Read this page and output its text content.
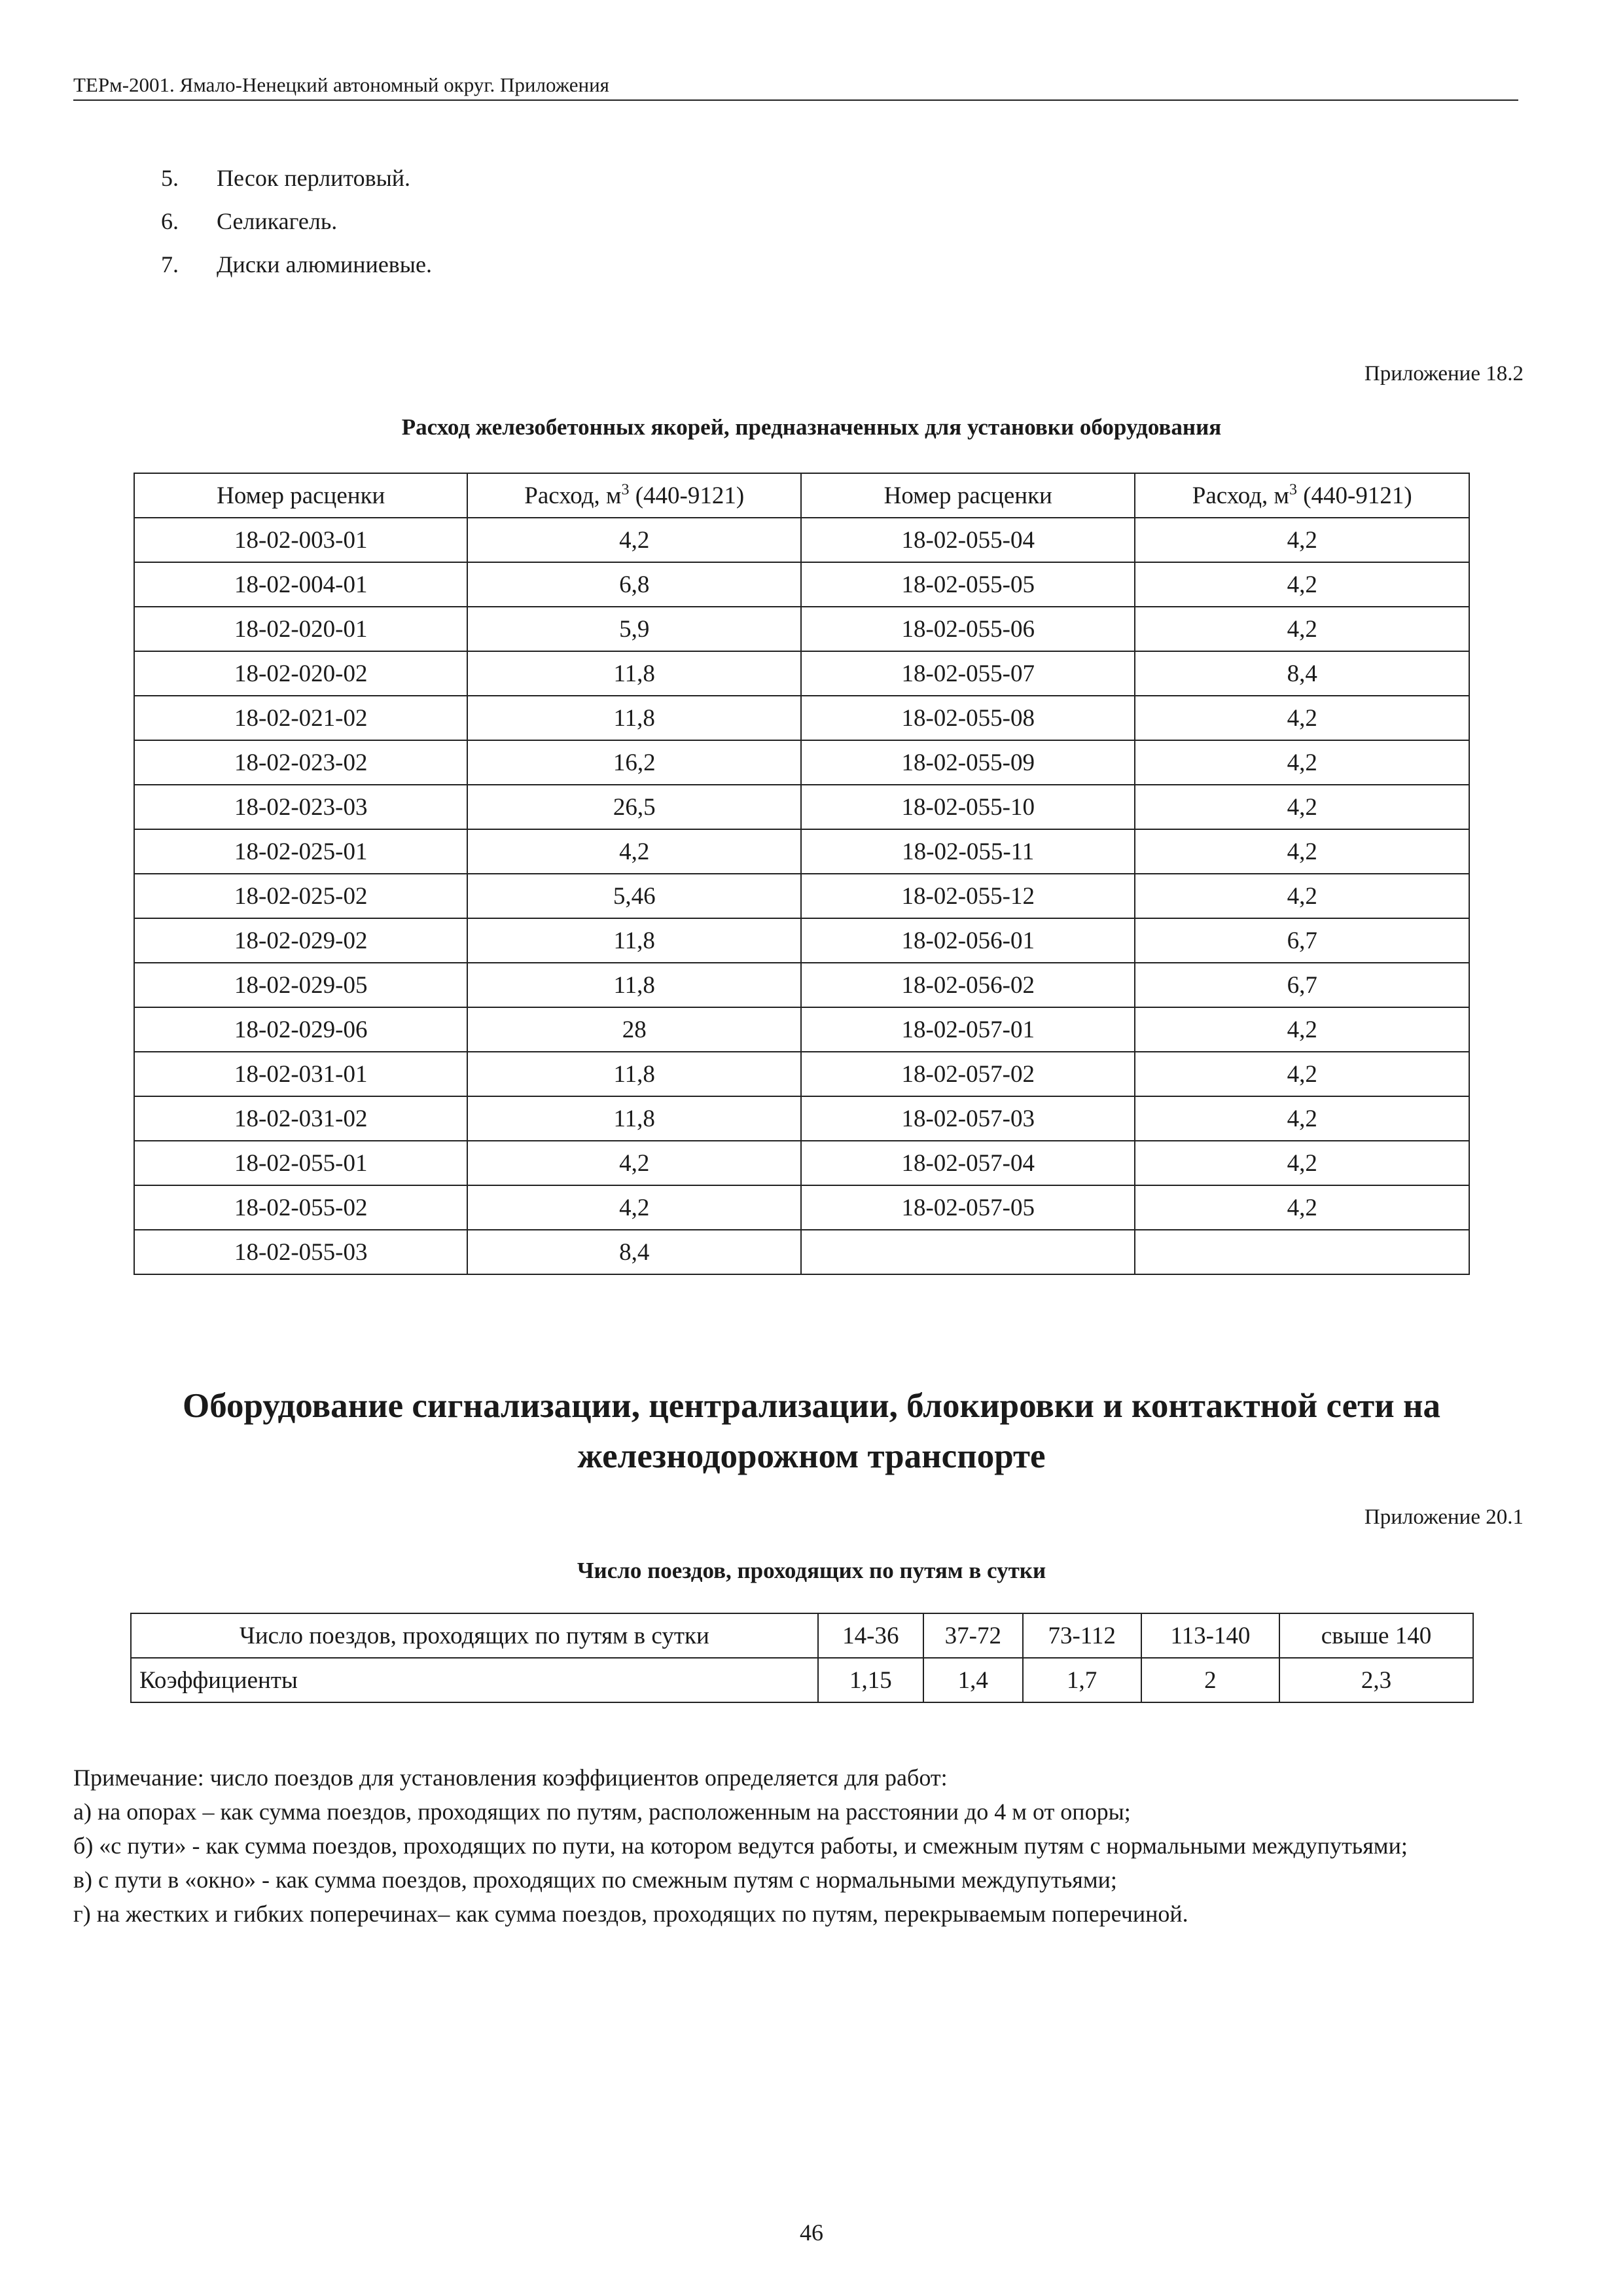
ТЕРм-2001. Ямало-Ненецкий автономный округ. Приложения
5.	Песок перлитовый.
6.	Селикагель.
7.	Диски алюминиевые.
Приложение 18.2
Расход железобетонных якорей, предназначенных для установки оборудования
Номер расценки	Расход, $м^3$ (440-9121)	Номер расценки	Расход, $м^3$ (440-9121)
18-02-003-01	4,2	18-02-055-04	4,2
18-02-004-01	6,8	18-02-055-05	4,2
18-02-020-01	5,9	18-02-055-06	4,2
18-02-020-02	11,8	18-02-055-07	8,4
18-02-021-02	11,8	18-02-055-08	4,2
18-02-023-02	16,2	18-02-055-09	4,2
18-02-023-03	26,5	18-02-055-10	4,2
18-02-025-01	4,2	18-02-055-11	4,2
18-02-025-02	5,46	18-02-055-12	4,2
18-02-029-02	11,8	18-02-056-01	6,7
18-02-029-05	11,8	18-02-056-02	6,7
18-02-029-06	28	18-02-057-01	4,2
18-02-031-01	11,8	18-02-057-02	4,2
18-02-031-02	11,8	18-02-057-03	4,2
18-02-055-01	4,2	18-02-057-04	4,2
18-02-055-02	4,2	18-02-057-05	4,2
18-02-055-03	8,4		
Оборудование сигнализации, централизации, блокировки и контактной сети на железнодорожном транспорте
Приложение 20.1
Число поездов, проходящих по путям в сутки
Число поездов, проходящих по путям в сутки	14-36	37-72	73-112	113-140	свыше 140
Коэффициенты	1,15	1,4	1,7	2	2,3

Примечание: число поездов для установления коэффициентов определяется для работ:

а) на опорах – как сумма поездов, проходящих по путям, расположенным на расстоянии до 4 м от опоры;

б) «с пути» - как сумма поездов, проходящих по пути, на котором ведутся работы, и смежным путям с нормальными междупутьями;

в) с пути в «окно» - как сумма поездов, проходящих по смежным путям с нормальными междупутьями;

г) на жестких и гибких поперечинах– как сумма поездов, проходящих по путям, перекрываемым поперечиной.

46
